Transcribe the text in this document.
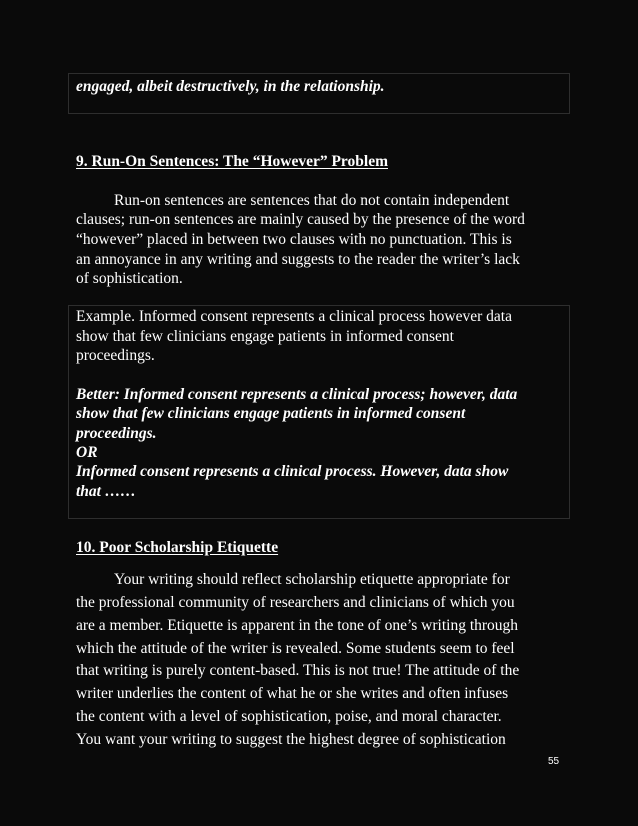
engaged, albeit destructively, in the relationship.
9. Run-On Sentences: The “However” Problem
Run-on sentences are sentences that do not contain independent
clauses; run-on sentences are mainly caused by the presence of the word
“however” placed in between two clauses with no punctuation. This is
an annoyance in any writing and suggests to the reader the writer’s lack
of sophistication.
Example. Informed consent represents a clinical process however data
show that few clinicians engage patients in informed consent
proceedings.
Better: Informed consent represents a clinical process; however, data
show that few clinicians engage patients in informed consent
proceedings.
OR
Informed consent represents a clinical process. However, data show
that ……
10. Poor Scholarship Etiquette
Your writing should reflect scholarship etiquette appropriate for
the professional community of researchers and clinicians of which you
are a member. Etiquette is apparent in the tone of one’s writing through
which the attitude of the writer is revealed. Some students seem to feel
that writing is purely content-based. This is not true! The attitude of the
writer underlies the content of what he or she writes and often infuses
the content with a level of sophistication, poise, and moral character.
You want your writing to suggest the highest degree of sophistication
55
